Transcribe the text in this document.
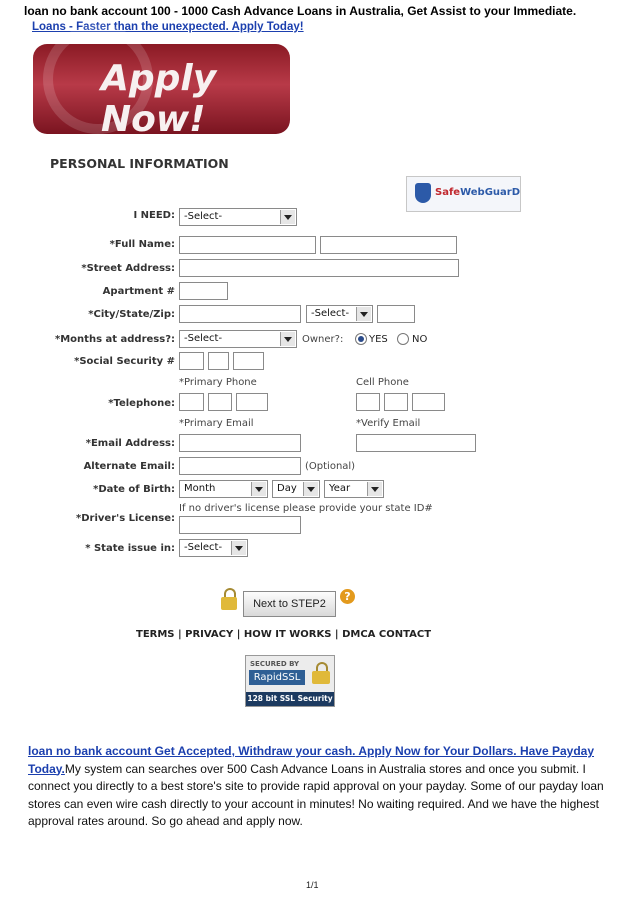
loan no bank account 100 - 1000 Cash Advance Loans in Australia, Get Assist to your Immediate.
Loans - Faster than the unexpected. Apply Today!
Apply Now!
PERSONAL INFORMATION
SafeWebGuarD
I NEED: -Select-
*Full Name:
*Street Address:
Apartment #
*City/State/Zip:	-Select-
*Months at address?: -Select-	Owner?:	YES NO
*Social Security #
*Primary Phone	Cell Phone
*Telephone:
*Primary Email	*Verify Email
*Email Address:
Alternate Email:	(Optional)
*Date of Birth: Month	Day	Year
If no driver's license please provide your state ID#
*Driver's License:
* State issue in: -Select-
Next to STEP2
?
TERMS | PRIVACY | HOW IT WORKS | DMCA CONTACT
SECURED BY
RapidSSL
128 bit SSL Security
loan no bank account Get Accepted, Withdraw your cash. Apply Now for Your Dollars. Have Payday Today.My system can searches over 500 Cash Advance Loans in Australia stores and once you submit. I connect you directly to a best store's site to provide rapid approval on your payday. Some of our payday loan stores can even wire cash directly to your account in minutes! No waiting required. And we have the highest approval rates around. So go ahead and apply now.
1/1
